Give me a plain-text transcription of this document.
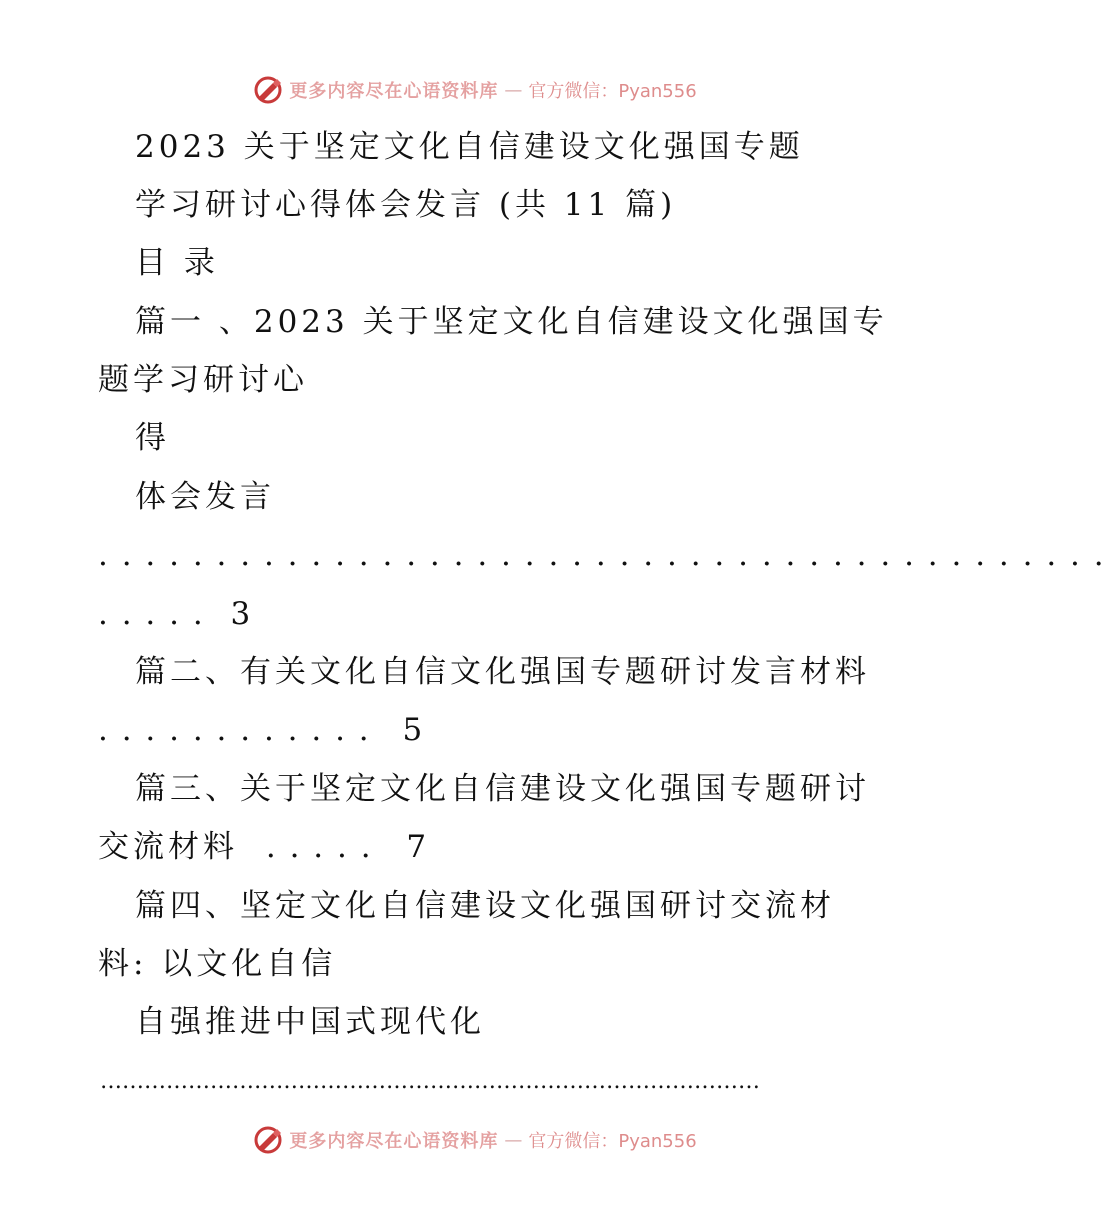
更多内容尽在心语资料库 — 官方微信：Pyan556
2023 关于坚定文化自信建设文化强国专题
学习研讨心得体会发言 (共 11 篇)
目 录
篇一 、2023 关于坚定文化自信建设文化强国专
题学习研讨心
得
体会发言
. . . . . . . . . . . . . . . . . . . . . . . . . . . . . . . . . . . . . . . . . . .
. . . . . 3
篇二、有关文化自信文化强国专题研讨发言材料
. . . . . . . . . . . . 5
篇三、关于坚定文化自信建设文化强国专题研讨
交流材料 . . . . . 7
篇四、坚定文化自信建设文化强国研讨交流材
料: 以文化自信
自强推进中国式现代化
………………………………………………………………………………
更多内容尽在心语资料库 — 官方微信：Pyan556
